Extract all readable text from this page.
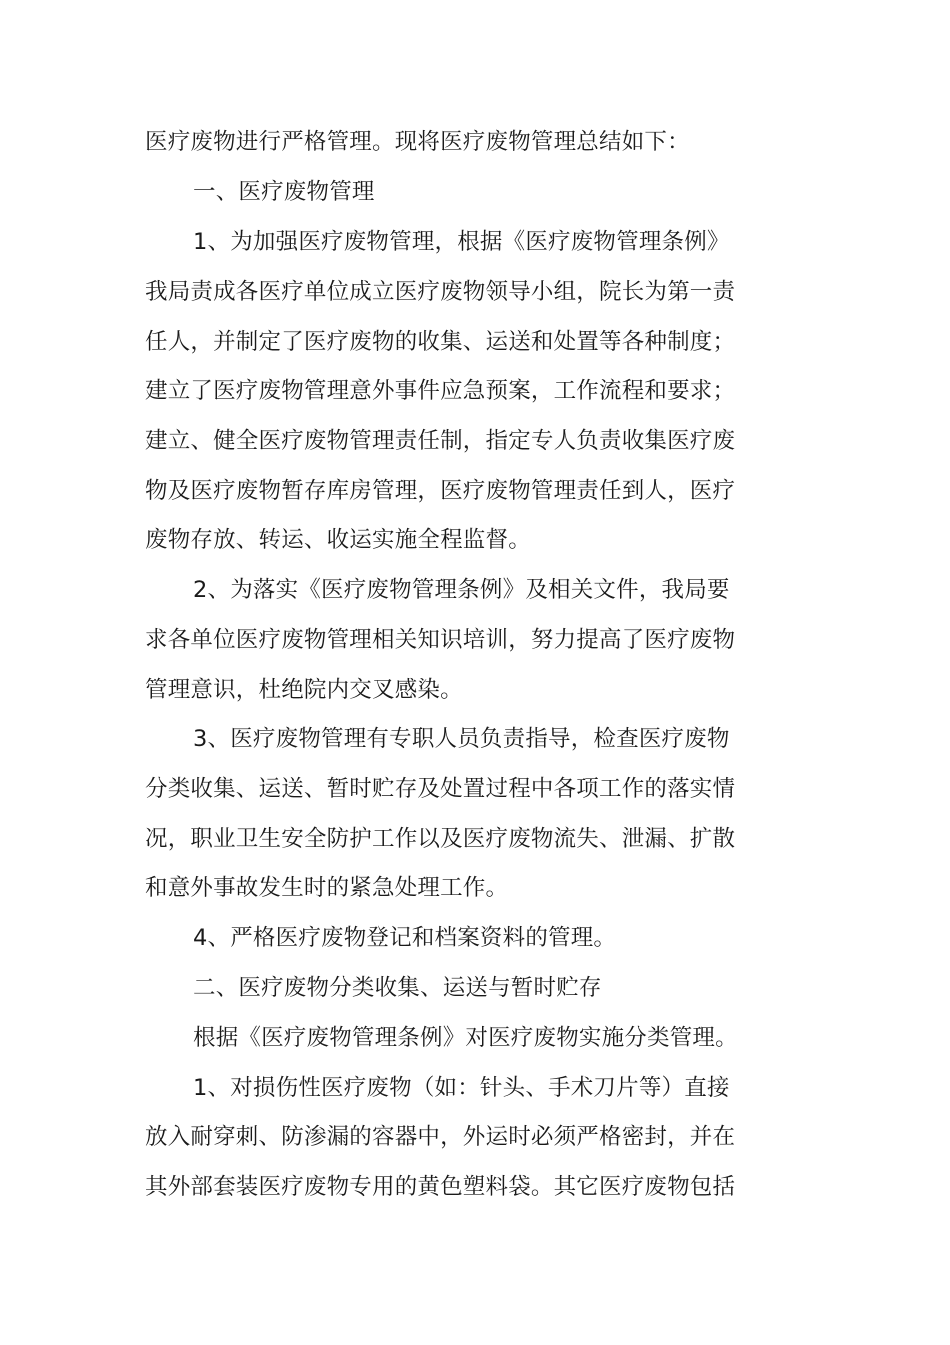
医疗废物进行严格管理。现将医疗废物管理总结如下：
一、医疗废物管理
1、为加强医疗废物管理，根据《医疗废物管理条例》
我局责成各医疗单位成立医疗废物领导小组，院长为第一责
任人，并制定了医疗废物的收集、运送和处置等各种制度；
建立了医疗废物管理意外事件应急预案，工作流程和要求；
建立、健全医疗废物管理责任制，指定专人负责收集医疗废
物及医疗废物暂存库房管理，医疗废物管理责任到人，医疗
废物存放、转运、收运实施全程监督。
2、为落实《医疗废物管理条例》及相关文件，我局要
求各单位医疗废物管理相关知识培训，努力提高了医疗废物
管理意识，杜绝院内交叉感染。
3、医疗废物管理有专职人员负责指导，检查医疗废物
分类收集、运送、暂时贮存及处置过程中各项工作的落实情
况，职业卫生安全防护工作以及医疗废物流失、泄漏、扩散
和意外事故发生时的紧急处理工作。
4、严格医疗废物登记和档案资料的管理。
二、医疗废物分类收集、运送与暂时贮存
根据《医疗废物管理条例》对医疗废物实施分类管理。
1、对损伤性医疗废物（如：针头、手术刀片等）直接
放入耐穿刺、防渗漏的容器中，外运时必须严格密封，并在
其外部套装医疗废物专用的黄色塑料袋。其它医疗废物包括
